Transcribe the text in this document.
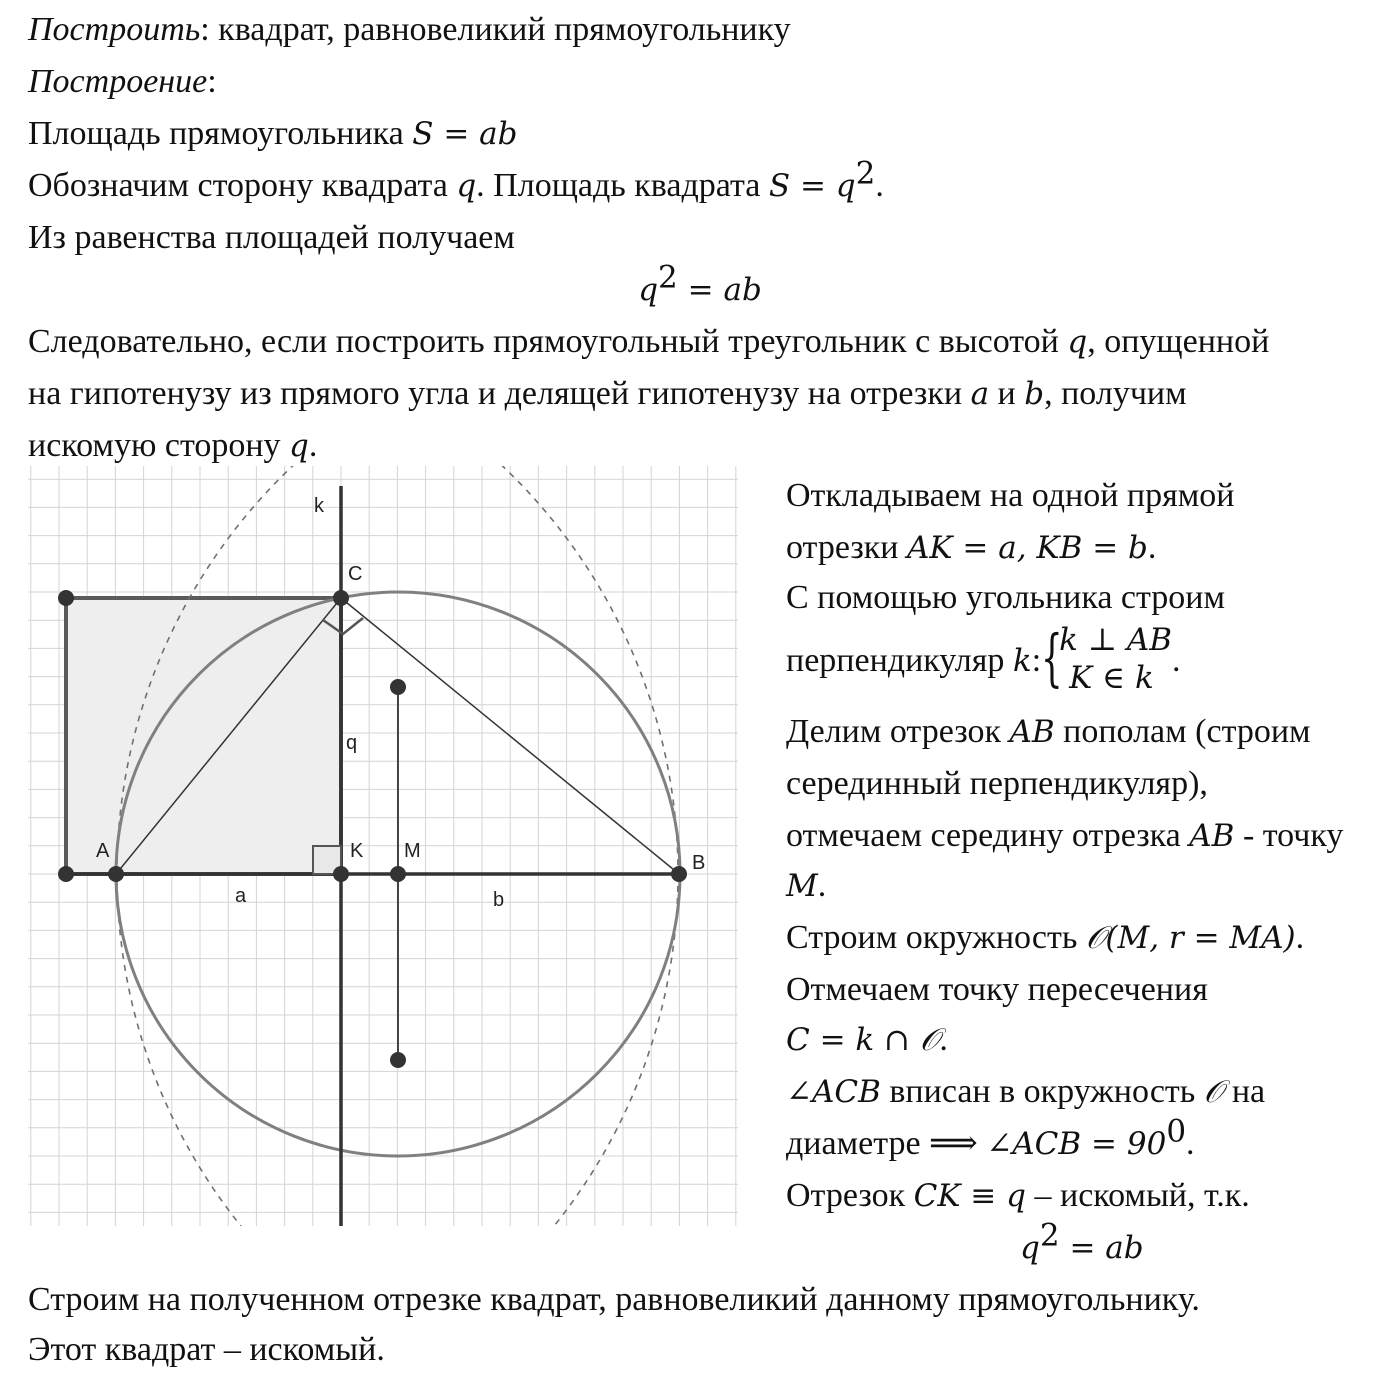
Построить: квадрат, равновеликий прямоугольнику
Построение:
Площадь прямоугольника S = ab
Обозначим сторону квадрата q. Площадь квадрата $S = q^2$.
Из равенства площадей получаем
$q^2$ = ab
Следовательно, если построить прямоугольный треугольник с высотой q, опущенной
на гипотенузу из прямого угла и делящей гипотенузу на отрезки a и b, получим
искомую сторону q.
k
C
q
A	K M
B
a	b
Откладываем на одной прямой
отрезки AK = a, KB = b.
С помощью угольника строим
перпендикуляр k: {
k ⊥ AB
K ∈ k .
Делим отрезок AB пополам (строим
серединный перпендикуляр),
отмечаем середину отрезка AB - точку
M.
Строим окружность 𝒪(M, r = MA).
Отмечаем точку пересечения
C = k ∩ 𝒪.
∠ACB вписан в окружность 𝒪 на
диаметре ⟹ ∠ACB = $90^0$.
Отрезок CK ≡ q – искомый, т.к.
$q^2$ = ab
Строим на полученном отрезке квадрат, равновеликий данному прямоугольнику.
Этот квадрат – искомый.
